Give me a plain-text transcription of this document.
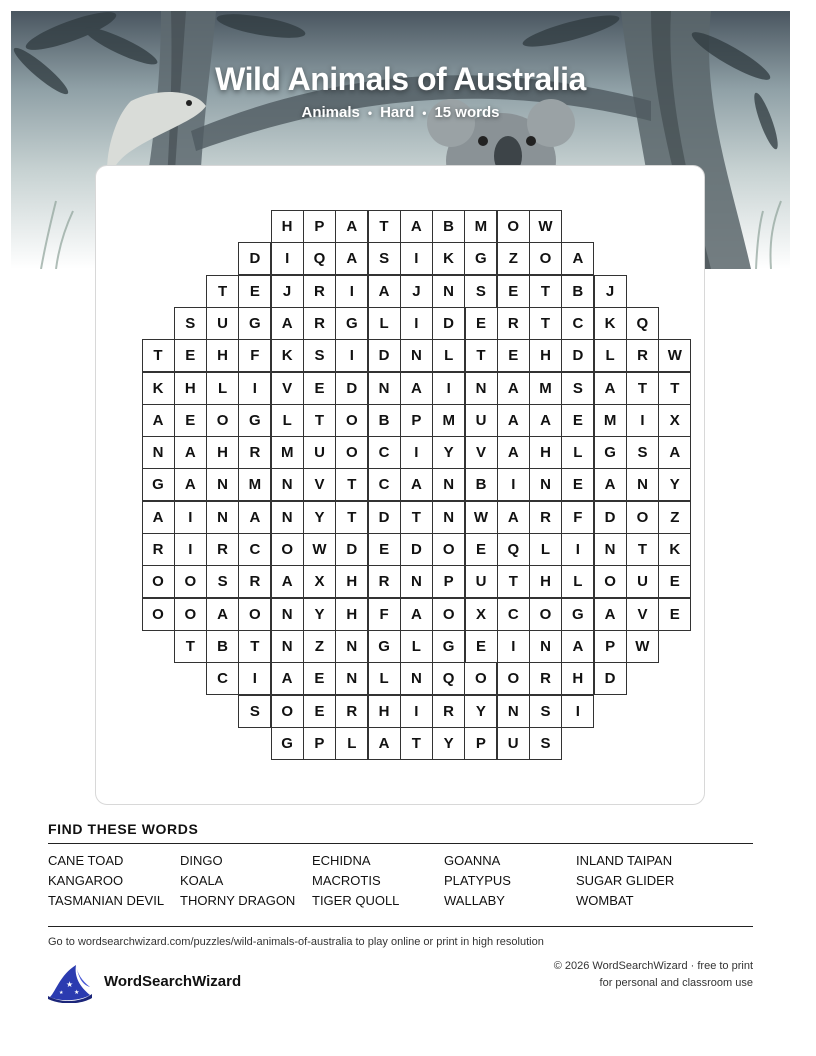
Wild Animals of Australia
Animals • Hard • 15 words
H	P	A	T	A	B	M	O	W
D	I	Q	A	S	I	K	G	Z	O	A
T	E	J	R	I	A	J	N	S	E	T	B	J
S	U	G	A	R	G	L	I	D	E	R	T	C	K	Q
T	E	H	F	K	S	I	D	N	L	T	E	H	D	L	R	W
K	H	L	I	V	E	D	N	A	I	N	A	M	S	A	T	T
A	E	O	G	L	T	O	B	P	M	U	A	A	E	M	I	X
N	A	H	R	M	U	O	C	I	Y	V	A	H	L	G	S	A
G	A	N	M	N	V	T	C	A	N	B	I	N	E	A	N	Y
A	I	N	A	N	Y	T	D	T	N	W	A	R	F	D	O	Z
R	I	R	C	O	W	D	E	D	O	E	Q	L	I	N	T	K
O	O	S	R	A	X	H	R	N	P	U	T	H	L	O	U	E
O	O	A	O	N	Y	H	F	A	O	X	C	O	G	A	V	E
T	B	T	N	Z	N	G	L	G	E	I	N	A	P	W
C	I	A	E	N	L	N	Q	O	O	R	H	D
S	O	E	R	H	I	R	Y	N	S	I
G	P	L	A	T	Y	P	U	S
FIND THESE WORDS
CANE TOAD	DINGO	ECHIDNA	GOANNA	INLAND TAIPAN
KANGAROO	KOALA	MACROTIS	PLATYPUS	SUGAR GLIDER
TASMANIAN DEVIL	THORNY DRAGON	TIGER QUOLL	WALLABY	WOMBAT
Go to wordsearchwizard.com/puzzles/wild-animals-of-australia to play online or print in high resolution
★
★
★
WordSearchWizard
© 2026 WordSearchWizard · free to print for personal and classroom use
